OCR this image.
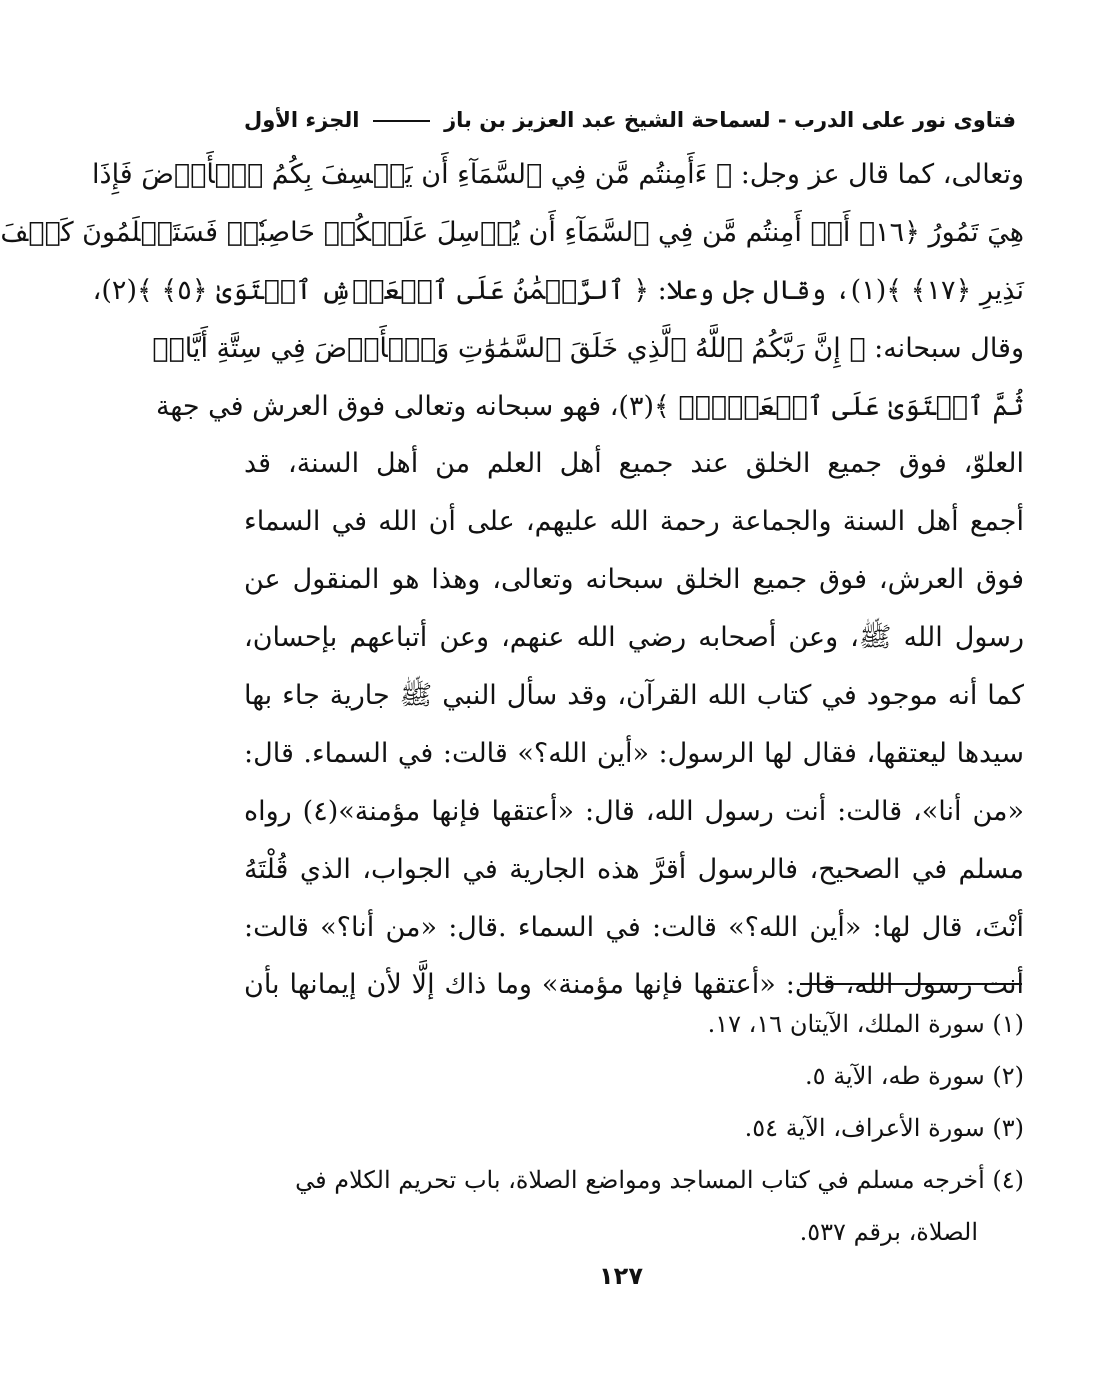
فتاوى نور على الدرب - لسماحة الشيخ عبد العزيز بن باز
الجزء الأول
وتعالى، كما قال عز وجل: ﴿ ءَأَمِنتُم مَّن فِي ٱلسَّمَآءِ أَن يَخۡسِفَ بِكُمُ ٱلۡأَرۡضَ فَإِذَا
هِيَ تَمُورُ ﴿١٦﴾ أَمۡ أَمِنتُم مَّن فِي ٱلسَّمَآءِ أَن يُرۡسِلَ عَلَيۡكُمۡ حَاصِبٗاۖ فَسَتَعۡلَمُونَ كَيۡفَ
نَذِيرِ ﴿١٧﴾ ﴾(١)، وقال جل وعلا: ﴿ ٱلرَّحۡمَٰنُ عَلَى ٱلۡعَرۡشِ ٱسۡتَوَىٰ ﴿٥﴾ ﴾(٢)،
وقال سبحانه: ﴿ إِنَّ رَبَّكُمُ ٱللَّهُ ٱلَّذِي خَلَقَ ٱلسَّمَٰوَٰتِ وَٱلۡأَرۡضَ فِي سِتَّةِ أَيَّامٖ
ثُمَّ ٱسۡتَوَىٰ عَلَى ٱلۡعَرۡشِۖ ﴾(٣)، فهو سبحانه وتعالى فوق العرش في جهة
العلوّ، فوق جميع الخلق عند جميع أهل العلم من أهل السنة، قد
أجمع أهل السنة والجماعة رحمة الله عليهم، على أن الله في السماء
فوق العرش، فوق جميع الخلق سبحانه وتعالى، وهذا هو المنقول عن
رسول الله ﷺ، وعن أصحابه رضي الله عنهم، وعن أتباعهم بإحسان،
كما أنه موجود في كتاب الله القرآن، وقد سأل النبي ﷺ جارية جاء بها
سيدها ليعتقها، فقال لها الرسول: «أين الله؟» قالت: في السماء. قال:
«من أنا»، قالت: أنت رسول الله، قال: «أعتقها فإنها مؤمنة»(٤) رواه
مسلم في الصحيح، فالرسول أقرَّ هذه الجارية في الجواب، الذي قُلْتَهُ
أنْتَ، قال لها: «أين الله؟» قالت: في السماء .قال: «من أنا؟» قالت:
أنت رسول الله، قال: «أعتقها فإنها مؤمنة» وما ذاك إلَّا لأن إيمانها بأن
(١) سورة الملك، الآيتان ١٦، ١٧.
(٢) سورة طه، الآية ٥.
(٣) سورة الأعراف، الآية ٥٤.
(٤) أخرجه مسلم في كتاب المساجد ومواضع الصلاة، باب تحريم الكلام في
الصلاة، برقم ٥٣٧.
١٢٧
